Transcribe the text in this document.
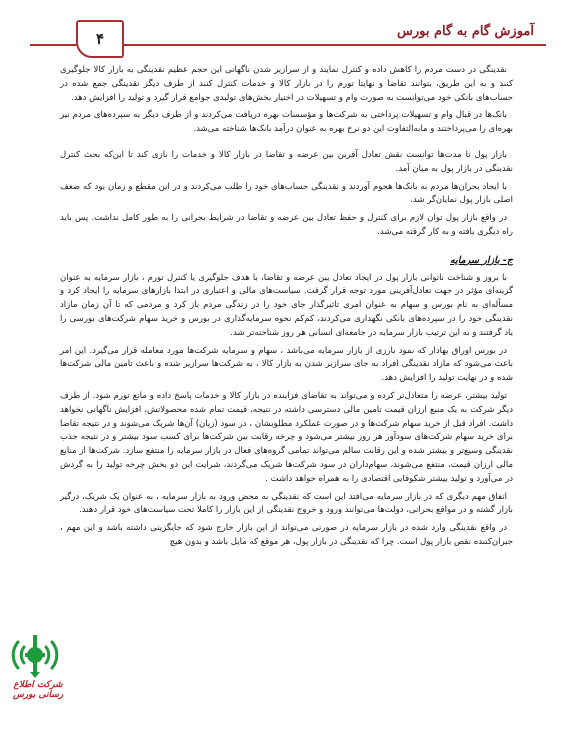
آموزش گام به گام بورس
۴

نقدینگی در دست مردم را کاهش داده و کنترل نمایند و از سرازیر شدن ناگهانی این حجم عظیم نقدینگی به بازار کالا جلوگیری کنند و به این طریق، بتوانند تقاضا و نهایتا تورم را در بازار کالا و خدمات کنترل کنند از طرف دیگر نقدینگی جمع شده در حساب‌های بانکی خود می‌توانست به صورت وام و تسهیلات در اختیار بخش‌های تولیدی جوامع قرار گیرد و تولید را افزایش دهد.

بانک‌ها در قبال وام و تسهیلات پرداختی به شرکت‌ها و مؤسسات بهره دریافت می‌کردند و از طرف دیگر به سپرده‌های مردم نیز بهره‌ای را می‌پرداختند و مابه‌التفاوت این دو نرخ بهره به عنوان درآمد بانک‌ها شناخته می‌شد.

بازار پول تا مدت‌ها توانست نقش تعادل آفرین بین عرضه و تقاضا در بازار کالا و خدمات را بازی کند تا این‌که بحث کنترل نقدینگی در بازار پول به میان آمد.

با ایجاد بحران‌ها مردم به بانک‌ها هجوم آوردند و نقدینگی حساب‌های خود را طلب می‌کردند و در این مقطع و زمان بود که ضعف اصلی بازار پول نمایان‌گر شد.

در واقع بازار پول توان لازم برای کنترل و حفظ تعادل بین عرضه و تقاضا در شرایط بحرانی را به طور کامل نداشت. پس باید راه دیگری یافته و به کار گرفته می‌شد.

ج- بازار سرمایه

با بروز و شناخت ناتوانی بازار پول در ایجاد تعادل بین عرضه و تقاضا، با هدف جلوگیری یا کنترل تورم ، بازار سرمایه به عنوان گزینه‌ای مؤثر در جهت تعادل‌آفرینی مورد توجه قرار گرفت. سیاست‌های مالی و اعتباری در ابتدا بازارهای سرمایه را ایجاد کرد و مسأله‌ای به نام بورس و سهام به عنوان امری تاثیرگذار جای خود را در زندگی مردم باز کرد و مردمی که تا آن زمان مازاد نقدینگی خود را در سپرده‌های بانکی نگهداری می‌کردند، کم‌کم نحوه سرمایه‌گذاری در بورس و خرید سهام شرکت‌های بورسی را یاد گرفتند و به این ترتیب بازار سرمایه در جامعه‌ای انسانی هر روز شناخته‌تر شد.

در بورس اوراق بهادار که نمود بارزی از بازار سرمایه می‌باشد ، سهام و سرمایه شرکت‌ها مورد معامله قرار می‌گیرد. این امر باعث می‌شود که مازاد نقدینگی افراد به جای سرازیر شدن به بازار کالا ، به شرکت‌ها سرازیر شده و باعث تامین مالی شرکت‌ها شده و در نهایت تولید را افزایش دهد.

تولید بیشتر، عرضه را متعادل‌تر کرده و می‌تواند به تقاضای فزاینده در بازار کالا و خدمات پاسخ داده و مانع تورم شود. از طرف دیگر شرکت به یک منبع ارزان قیمت تامین مالی دسترسی داشته در نتیجه، قیمت تمام شده محصولاتش، افزایش ناگهانی نخواهد داشت. افراد قبل از خرید سهام شرکت‌ها و در صورت عملکرد مطلوبشان ، در سود (زیان) آن‌ها شریک می‌شوند و در نتیجه تقاضا برای خرید سهام شرکت‌های سودآور هر روز بیشتر می‌شود و چرخه رقابت بین شرکت‌ها برای کسب سود بیشتر و در نتیجه جذب نقدینگی وسیع‌تر و بیشتر شده و این رقابت سالم می‌تواند تمامی گروه‌های فعال در بازار سرمایه را منتفع سازد. شرکت‌ها از منابع مالی ارزان قیمت، منتفع می‌شوند، سهام‌داران در سود شرکت‌ها شریک می‌گردند، شرایت این دو بخش چرخه تولید را به گردش در می‌آورد و تولید بیشتر شکوفایی اقتصادی را به همراه خواهد داشت .

اتفاق مهم دیگری که در بازار سرمایه می‌افتد این است که نقدینگی به محض ورود به بازار سرمایه ، به عنوان یک شریک، درگیر بازار گشته و در مواقع بحرانی، دولت‌ها می‌توانند ورود و خروج نقدینگی از این بازار را کاملا تحت سیاست‌های خود قرار دهند.

در واقع نقدینگی وارد شده در بازار سرمایه در صورتی می‌تواند از این بازار خارج شود که جایگزینی داشته باشد و این مهم ، جبران‌کننده نقص بازار پول است. چرا که نقدینگی در بازار پول، هر موقع که مایل باشد و بدون هیچ

شرکت اطلاع رسانی بورس
